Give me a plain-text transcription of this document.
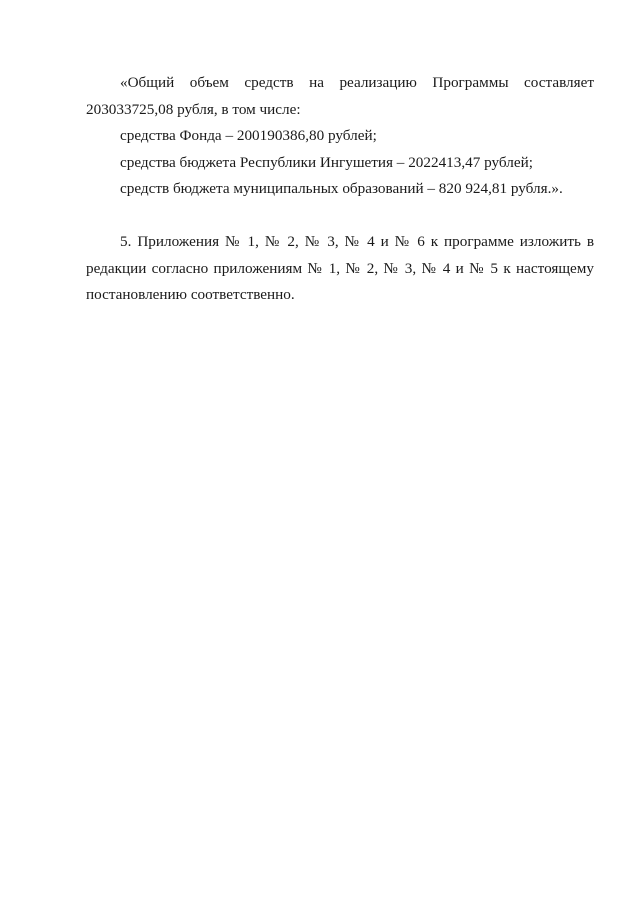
«Общий объем средств на реализацию Программы составляет
203033725,08 рубля, в том числе:
средства Фонда – 200190386,80 рублей;
средства бюджета Республики Ингушетия – 2022413,47 рублей;
средств бюджета муниципальных образований – 820 924,81 рубля.».
5. Приложения № 1, № 2, № 3, № 4 и № 6 к программе изложить в
редакции согласно приложениям № 1, № 2, № 3, № 4 и № 5 к настоящему
постановлению соответственно.
